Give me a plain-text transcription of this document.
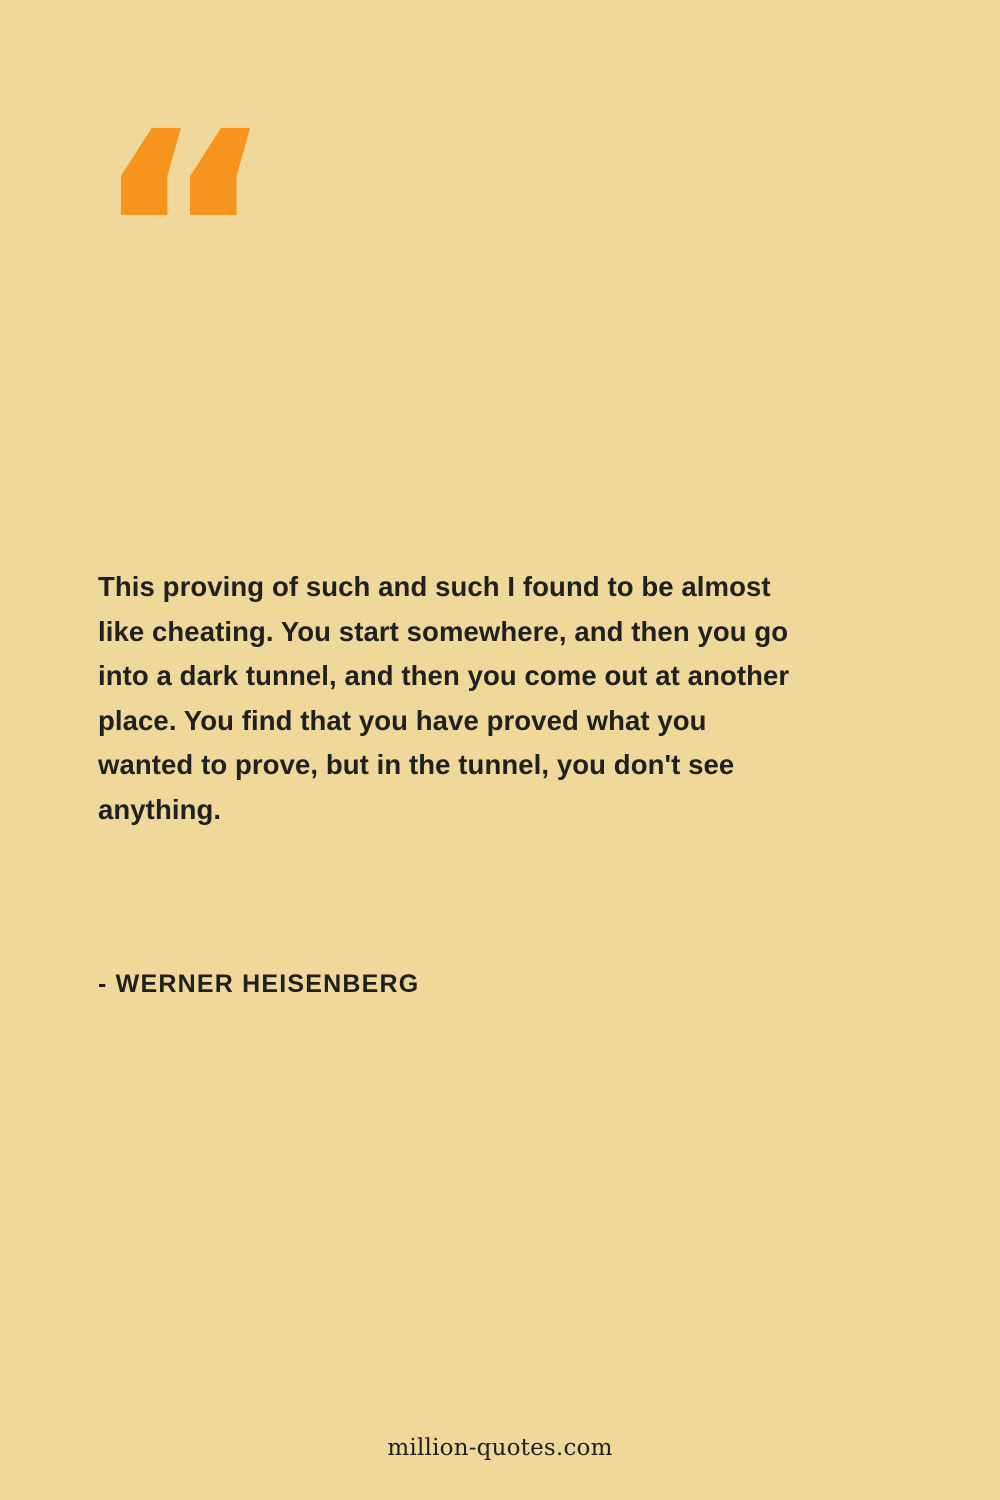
“
This proving of such and such I found to be almost like cheating. You start somewhere, and then you go into a dark tunnel, and then you come out at another place. You find that you have proved what you wanted to prove, but in the tunnel, you don't see anything.
- WERNER HEISENBERG
million-quotes.com
